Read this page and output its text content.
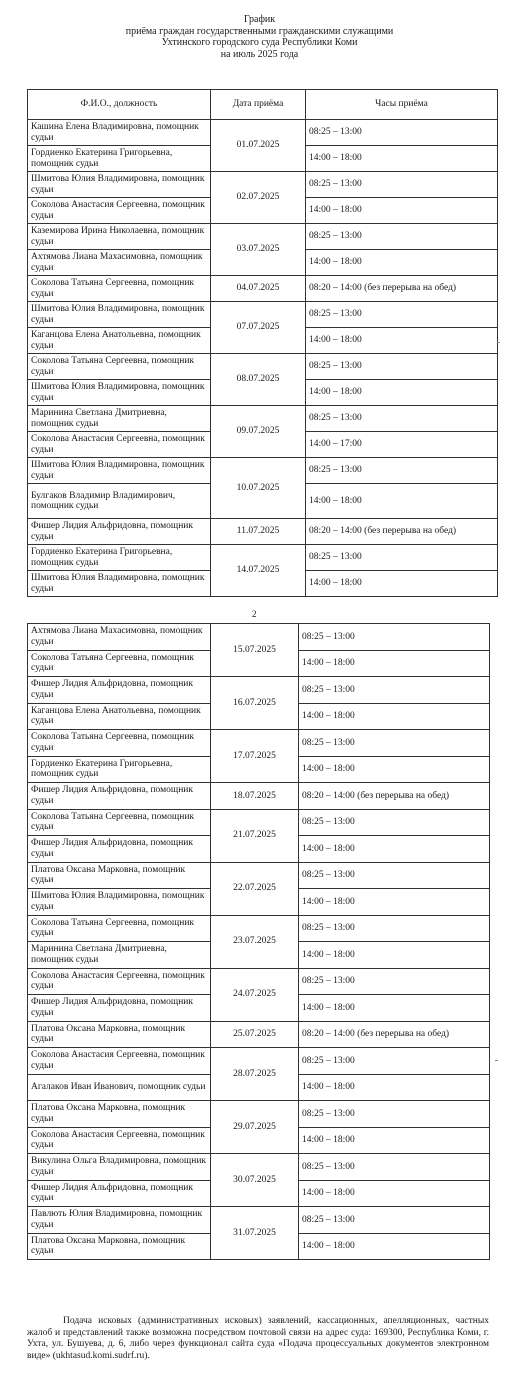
График
приёма граждан государственными гражданскими служащими
Ухтинского городского суда Республики Коми
на июль 2025 года
Ф.И.О., должность	Дата приёма	Часы приёма
Кашина Елена Владимировна, помощник судьи	01.07.2025	08:25 – 13:00
Гордиенко Екатерина Григорьевна, помощник судьи		14:00 – 18:00
Шмитова Юлия Владимировна, помощник судьи	02.07.2025	08:25 – 13:00
Соколова Анастасия Сергеевна, помощник судьи		14:00 – 18:00
Каземирова Ирина Николаевна, помощник судьи	03.07.2025	08:25 – 13:00
Ахтямова Лиана Махасимовна, помощник судьи		14:00 – 18:00
Соколова Татьяна Сергеевна, помощник судьи	04.07.2025	08:20 – 14:00 (без перерыва на обед)
Шмитова Юлия Владимировна, помощник судьи	07.07.2025	08:25 – 13:00
Каганцова Елена Анатольевна, помощник судьи		14:00 – 18:00
Соколова Татьяна Сергеевна, помощник судьи	08.07.2025	08:25 – 13:00
Шмитова Юлия Владимировна, помощник судьи		14:00 – 18:00
Маринина Светлана Дмитриевна, помощник судьи	09.07.2025	08:25 – 13:00
Соколова Анастасия Сергеевна, помощник судьи		14:00 – 17:00
Шмитова Юлия Владимировна, помощник судьи	10.07.2025	08:25 – 13:00
Булгаков Владимир Владимирович, помощник судьи		14:00 – 18:00
Фишер Лидия Альфридовна, помощник судьи	11.07.2025	08:20 – 14:00 (без перерыва на обед)
Гордиенко Екатерина Григорьевна, помощник судьи	14.07.2025	08:25 – 13:00
Шмитова Юлия Владимировна, помощник судьи		14:00 – 18:00
2
Ахтямова Лиана Махасимовна, помощник судьи	15.07.2025	08:25 – 13:00
Соколова Татьяна Сергеевна, помощник судьи		14:00 – 18:00
Фишер Лидия Альфридовна, помощник судьи	16.07.2025	08:25 – 13:00
Каганцова Елена Анатольевна, помощник судьи		14:00 – 18:00
Соколова Татьяна Сергеевна, помощник судьи	17.07.2025	08:25 – 13:00
Гордиенко Екатерина Григорьевна, помощник судьи		14:00 – 18:00
Фишер Лидия Альфридовна, помощник судьи	18.07.2025	08:20 – 14:00 (без перерыва на обед)
Соколова Татьяна Сергеевна, помощник судьи	21.07.2025	08:25 – 13:00
Фишер Лидия Альфридовна, помощник судьи		14:00 – 18:00
Платова Оксана Марковна, помощник судьи	22.07.2025	08:25 – 13:00
Шмитова Юлия Владимировна, помощник судьи		14:00 – 18:00
Соколова Татьяна Сергеевна, помощник судьи	23.07.2025	08:25 – 13:00
Маринина Светлана Дмитриевна, помощник судьи		14:00 – 18:00
Соколова Анастасия Сергеевна, помощник судьи	24.07.2025	08:25 – 13:00
Фишер Лидия Альфридовна, помощник судьи		14:00 – 18:00
Платова Оксана Марковна, помощник судьи	25.07.2025	08:20 – 14:00 (без перерыва на обед)
Соколова Анастасия Сергеевна, помощник судьи	28.07.2025	08:25 – 13:00
Агалаков Иван Иванович, помощник судьи		14:00 – 18:00
Платова Оксана Марковна, помощник судьи	29.07.2025	08:25 – 13:00
Соколова Анастасия Сергеевна, помощник судьи		14:00 – 18:00
Викулина Ольга Владимировна, помощник судьи	30.07.2025	08:25 – 13:00
Фишер Лидия Альфридовна, помощник судьи		14:00 – 18:00
Павлють Юлия Владимировна, помощник судьи	31.07.2025	08:25 – 13:00
Платова Оксана Марковна, помощник судьи		14:00 – 18:00
Подача исковых (административных исковых) заявлений, кассационных, апелляционных, частных жалоб и представлений также возможна посредством почтовой связи на адрес суда: 169300, Республика Коми, г. Ухта, ул. Бушуева, д. 6, либо через функционал сайта суда «Подача процессуальных документов электронном виде» (ukhtasud.komi.sudrf.ru).
